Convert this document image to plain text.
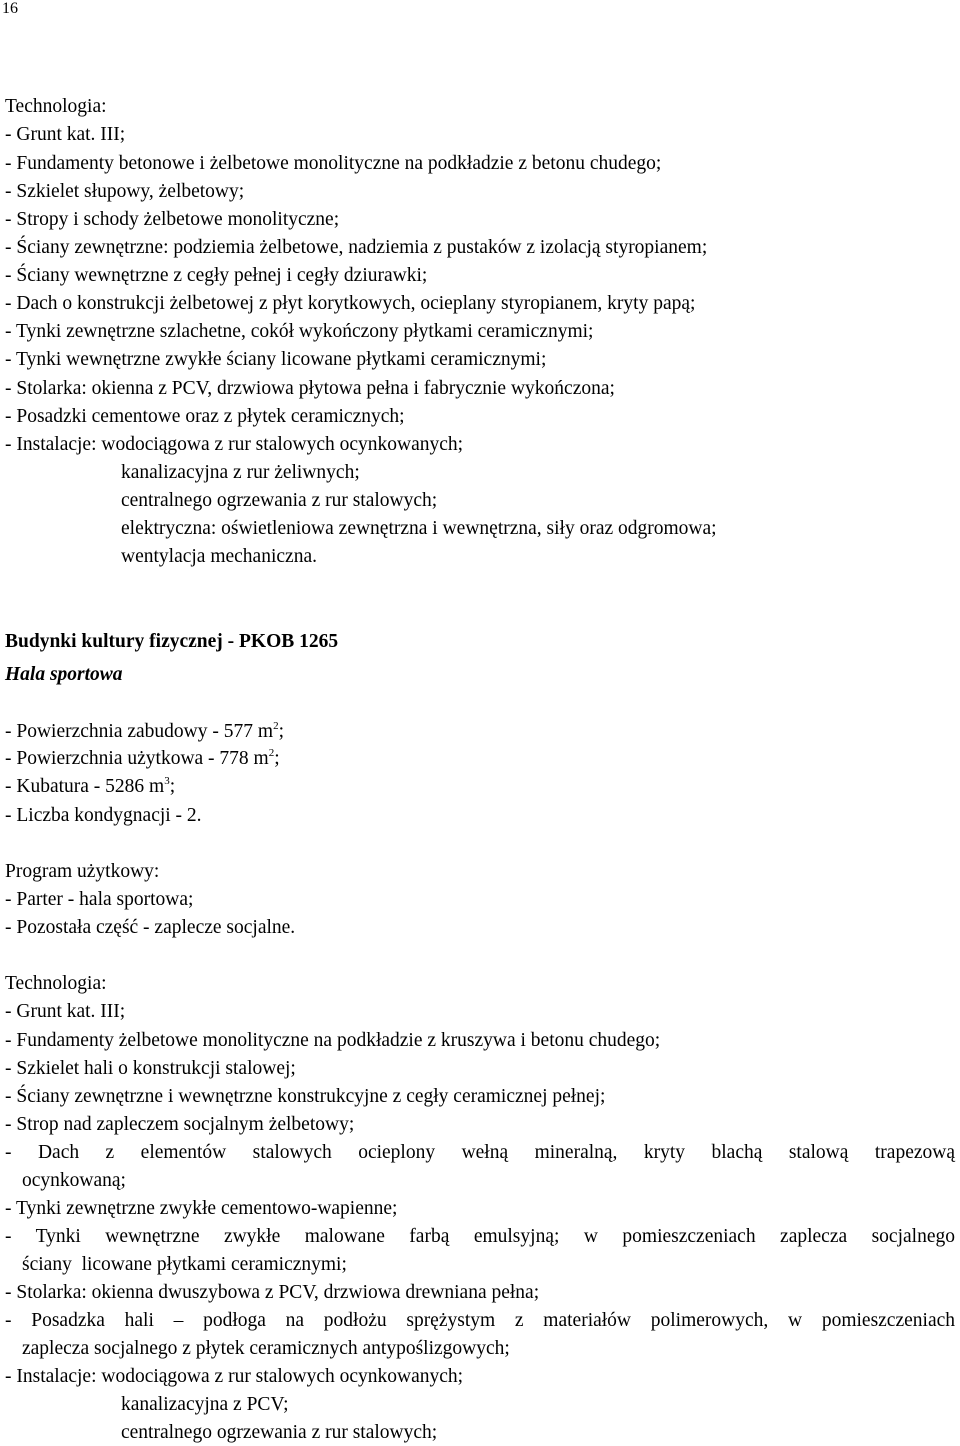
16
Technologia:
- Grunt kat. III;
- Fundamenty betonowe i żelbetowe monolityczne na podkładzie z betonu chudego;
- Szkielet słupowy, żelbetowy;
- Stropy i schody żelbetowe monolityczne;
- Ściany zewnętrzne: podziemia żelbetowe, nadziemia z pustaków z izolacją styropianem;
- Ściany wewnętrzne z cegły pełnej i cegły dziurawki;
- Dach o konstrukcji żelbetowej z płyt korytkowych, ocieplany styropianem, kryty papą;
- Tynki zewnętrzne szlachetne, cokół wykończony płytkami ceramicznymi;
- Tynki wewnętrzne zwykłe ściany licowane płytkami ceramicznymi;
- Stolarka: okienna z PCV, drzwiowa płytowa pełna i fabrycznie wykończona;
- Posadzki cementowe oraz z płytek ceramicznych;
- Instalacje: wodociągowa z rur stalowych ocynkowanych;
kanalizacyjna z rur żeliwnych;
centralnego ogrzewania z rur stalowych;
elektryczna: oświetleniowa zewnętrzna i wewnętrzna, siły oraz odgromowa;
wentylacja mechaniczna.
Budynki kultury fizycznej - PKOB 1265
Hala sportowa
- Powierzchnia zabudowy - 577 $m^2$;
- Powierzchnia użytkowa - 778 $m^2$;
- Kubatura - 5286 $m^3$;
- Liczba kondygnacji - 2.
Program użytkowy:
- Parter - hala sportowa;
- Pozostała część - zaplecze socjalne.
Technologia:
- Grunt kat. III;
- Fundamenty żelbetowe monolityczne na podkładzie z kruszywa i betonu chudego;
- Szkielet hali o konstrukcji stalowej;
- Ściany zewnętrzne i wewnętrzne konstrukcyjne z cegły ceramicznej pełnej;
- Strop nad zapleczem socjalnym żelbetowy;
- Dach z elementów stalowych ocieplony wełną mineralną, kryty blachą stalową trapezową
ocynkowaną;
- Tynki zewnętrzne zwykłe cementowo-wapienne;
- Tynki wewnętrzne zwykłe malowane farbą emulsyjną; w pomieszczeniach zaplecza socjalnego
ściany  licowane płytkami ceramicznymi;
- Stolarka: okienna dwuszybowa z PCV, drzwiowa drewniana pełna;
- Posadzka hali – podłoga na podłożu sprężystym z materiałów polimerowych, w pomieszczeniach
zaplecza socjalnego z płytek ceramicznych antypoślizgowych;
- Instalacje: wodociągowa z rur stalowych ocynkowanych;
kanalizacyjna z PCV;
centralnego ogrzewania z rur stalowych;
